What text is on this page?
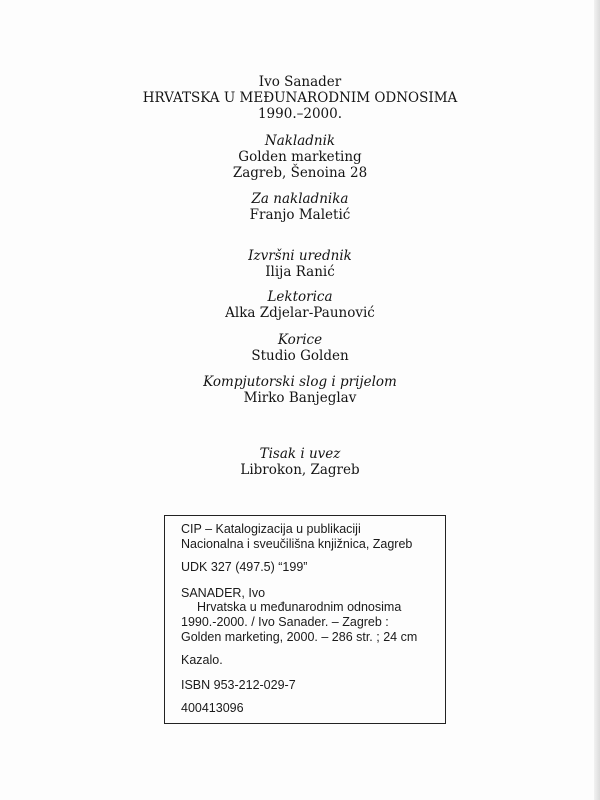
Ivo Sanader
HRVATSKA U MEĐUNARODNIM ODNOSIMA
1990.–2000.
Nakladnik
Golden marketing
Zagreb, Šenoina 28
Za nakladnika
Franjo Maletić
Izvršni urednik
Ilija Ranić
Lektorica
Alka Zdjelar-Paunović
Korice
Studio Golden
Kompjutorski slog i prijelom
Mirko Banjeglav
Tisak i uvez
Librokon, Zagreb
CIP – Katalogizacija u publikaciji
Nacionalna i sveučilišna knjižnica, Zagreb
UDK 327 (497.5) “199”
SANADER, Ivo
Hrvatska u međunarodnim odnosima
1990.-2000. / Ivo Sanader. – Zagreb :
Golden marketing, 2000. – 286 str. ; 24 cm
Kazalo.
ISBN 953-212-029-7
400413096
